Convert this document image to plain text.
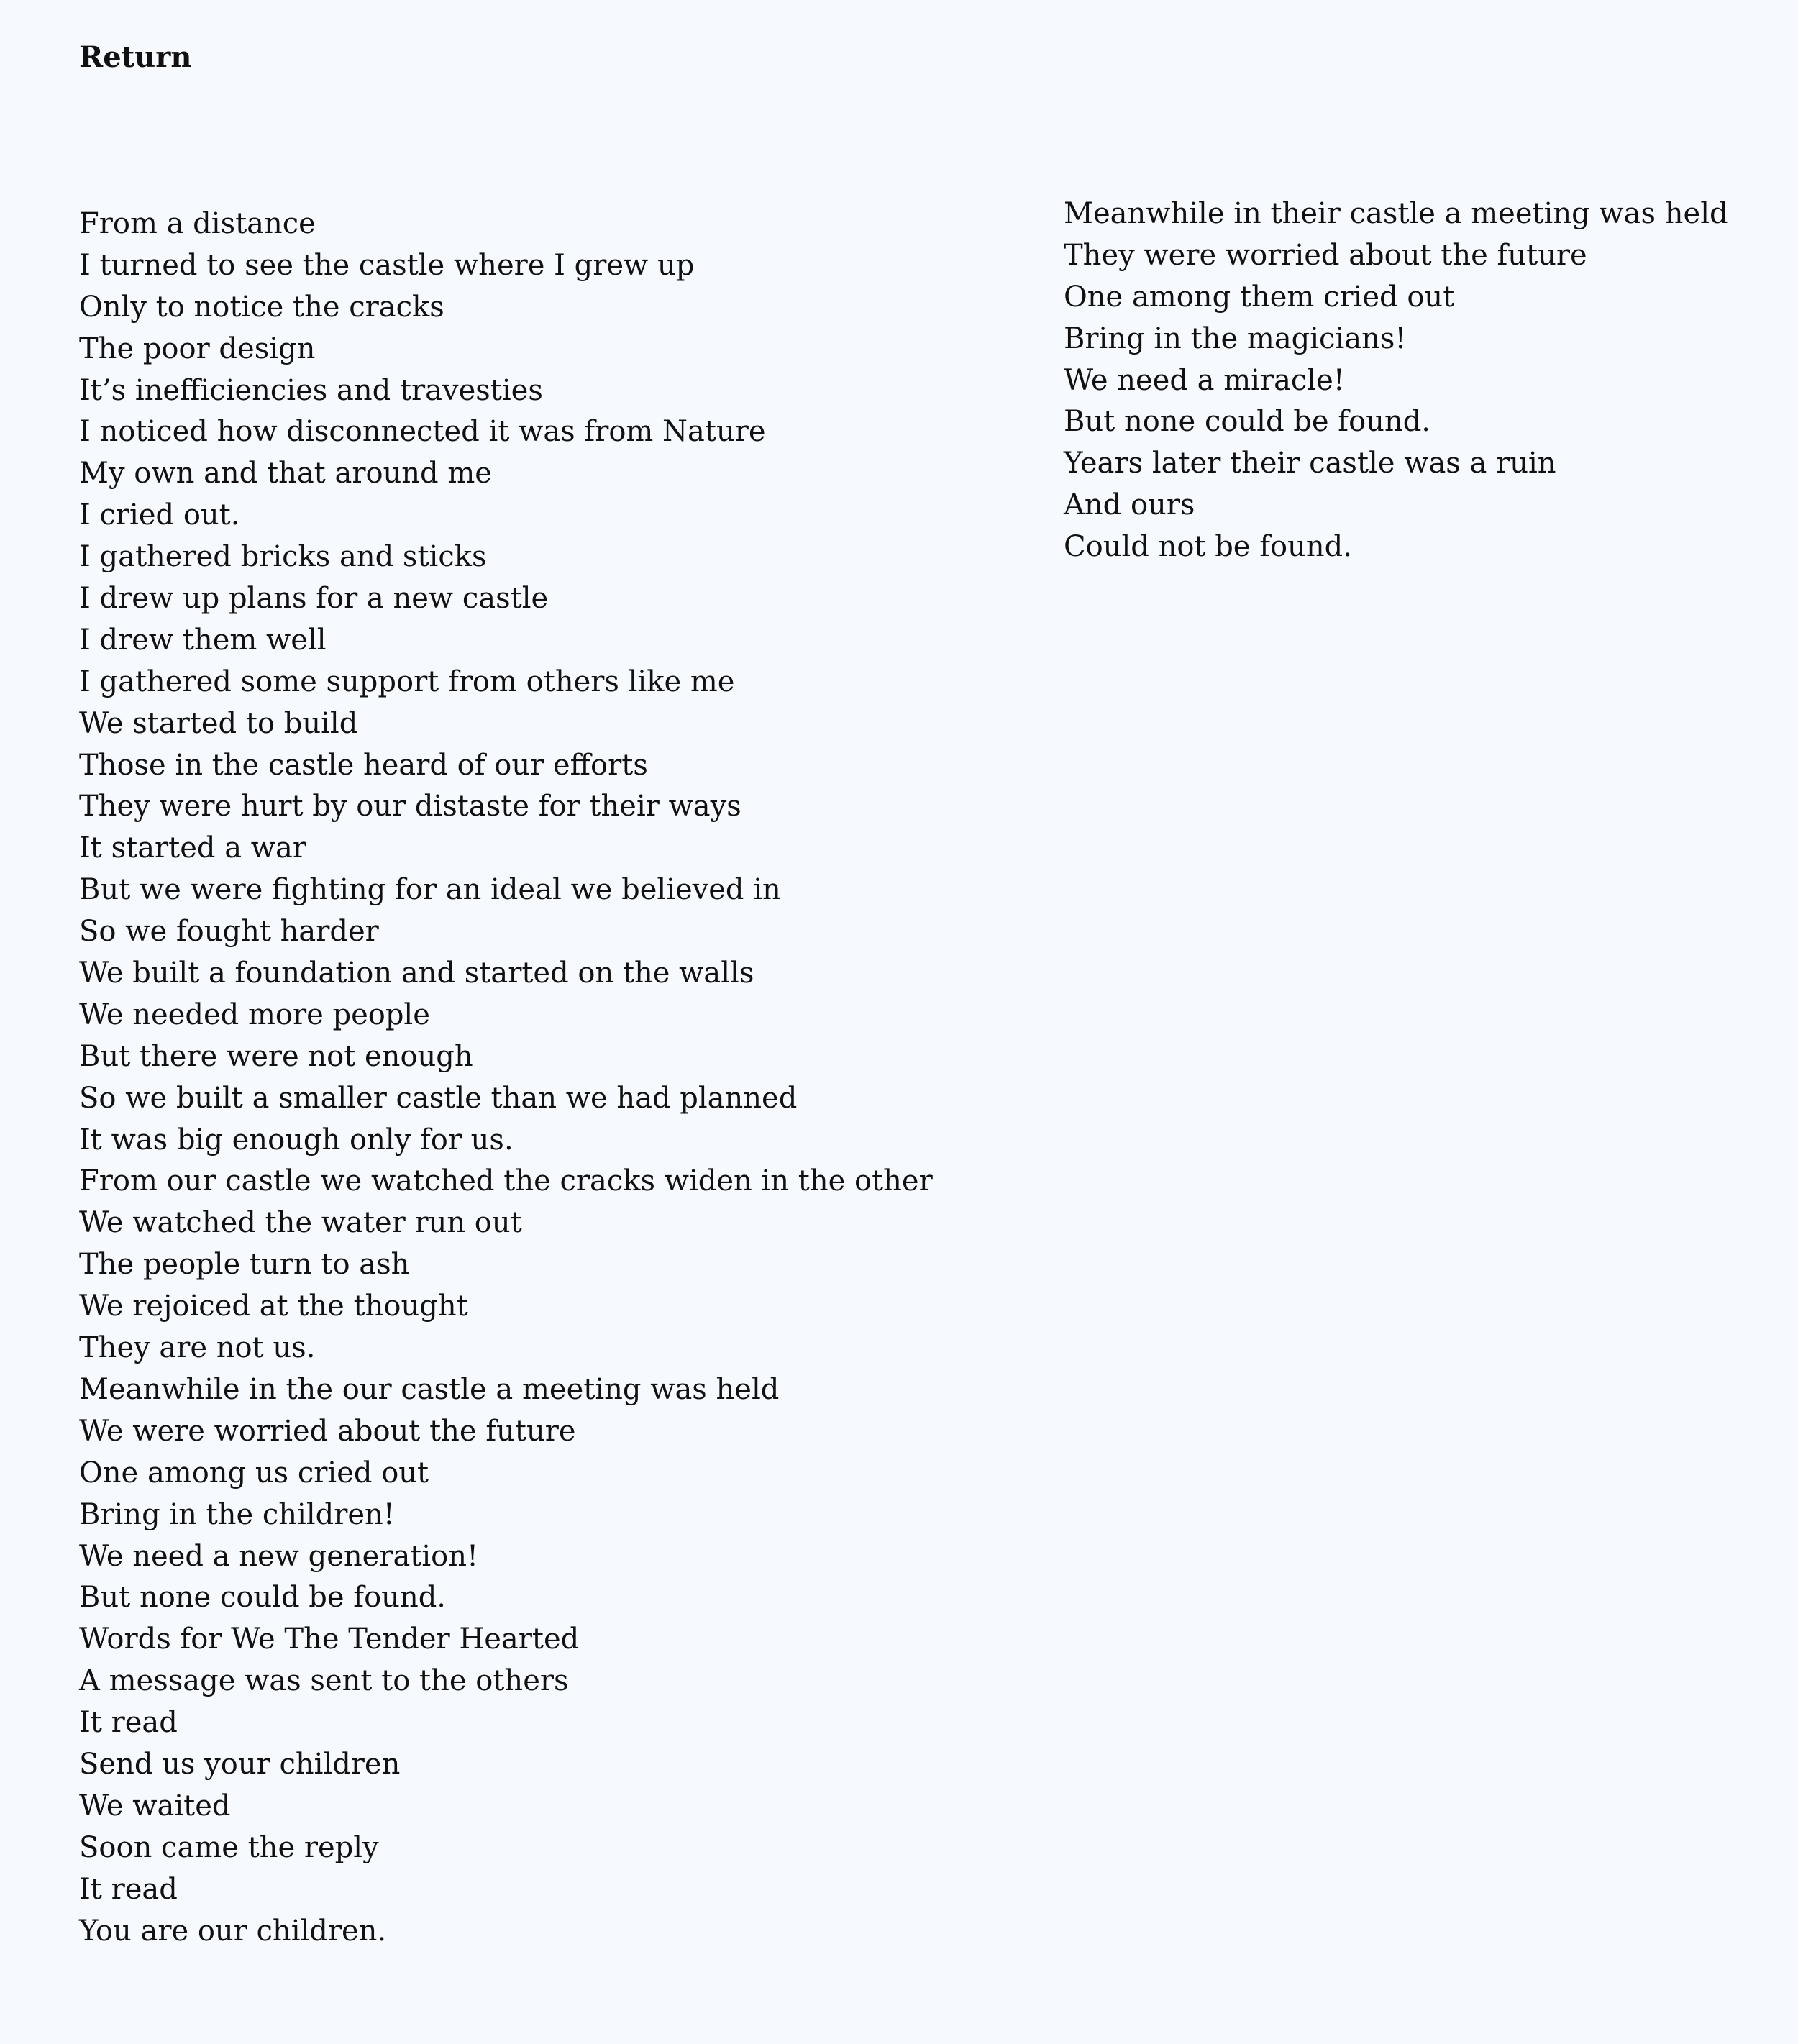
Return
From a distance
I turned to see the castle where I grew up
Only to notice the cracks
The poor design
It’s inefficiencies and travesties
I noticed how disconnected it was from Nature
My own and that around me
I cried out.
I gathered bricks and sticks
I drew up plans for a new castle
I drew them well
I gathered some support from others like me
We started to build
Those in the castle heard of our efforts
They were hurt by our distaste for their ways
It started a war
But we were fighting for an ideal we believed in
So we fought harder
We built a foundation and started on the walls
We needed more people
But there were not enough
So we built a smaller castle than we had planned
It was big enough only for us.
From our castle we watched the cracks widen in the other
We watched the water run out
The people turn to ash
We rejoiced at the thought
They are not us.
Meanwhile in the our castle a meeting was held
We were worried about the future
One among us cried out
Bring in the children!
We need a new generation!
But none could be found.
Words for We The Tender Hearted
A message was sent to the others
It read
Send us your children
We waited
Soon came the reply
It read
You are our children.
Meanwhile in their castle a meeting was held
They were worried about the future
One among them cried out
Bring in the magicians!
We need a miracle!
But none could be found.
Years later their castle was a ruin
And ours
Could not be found.
